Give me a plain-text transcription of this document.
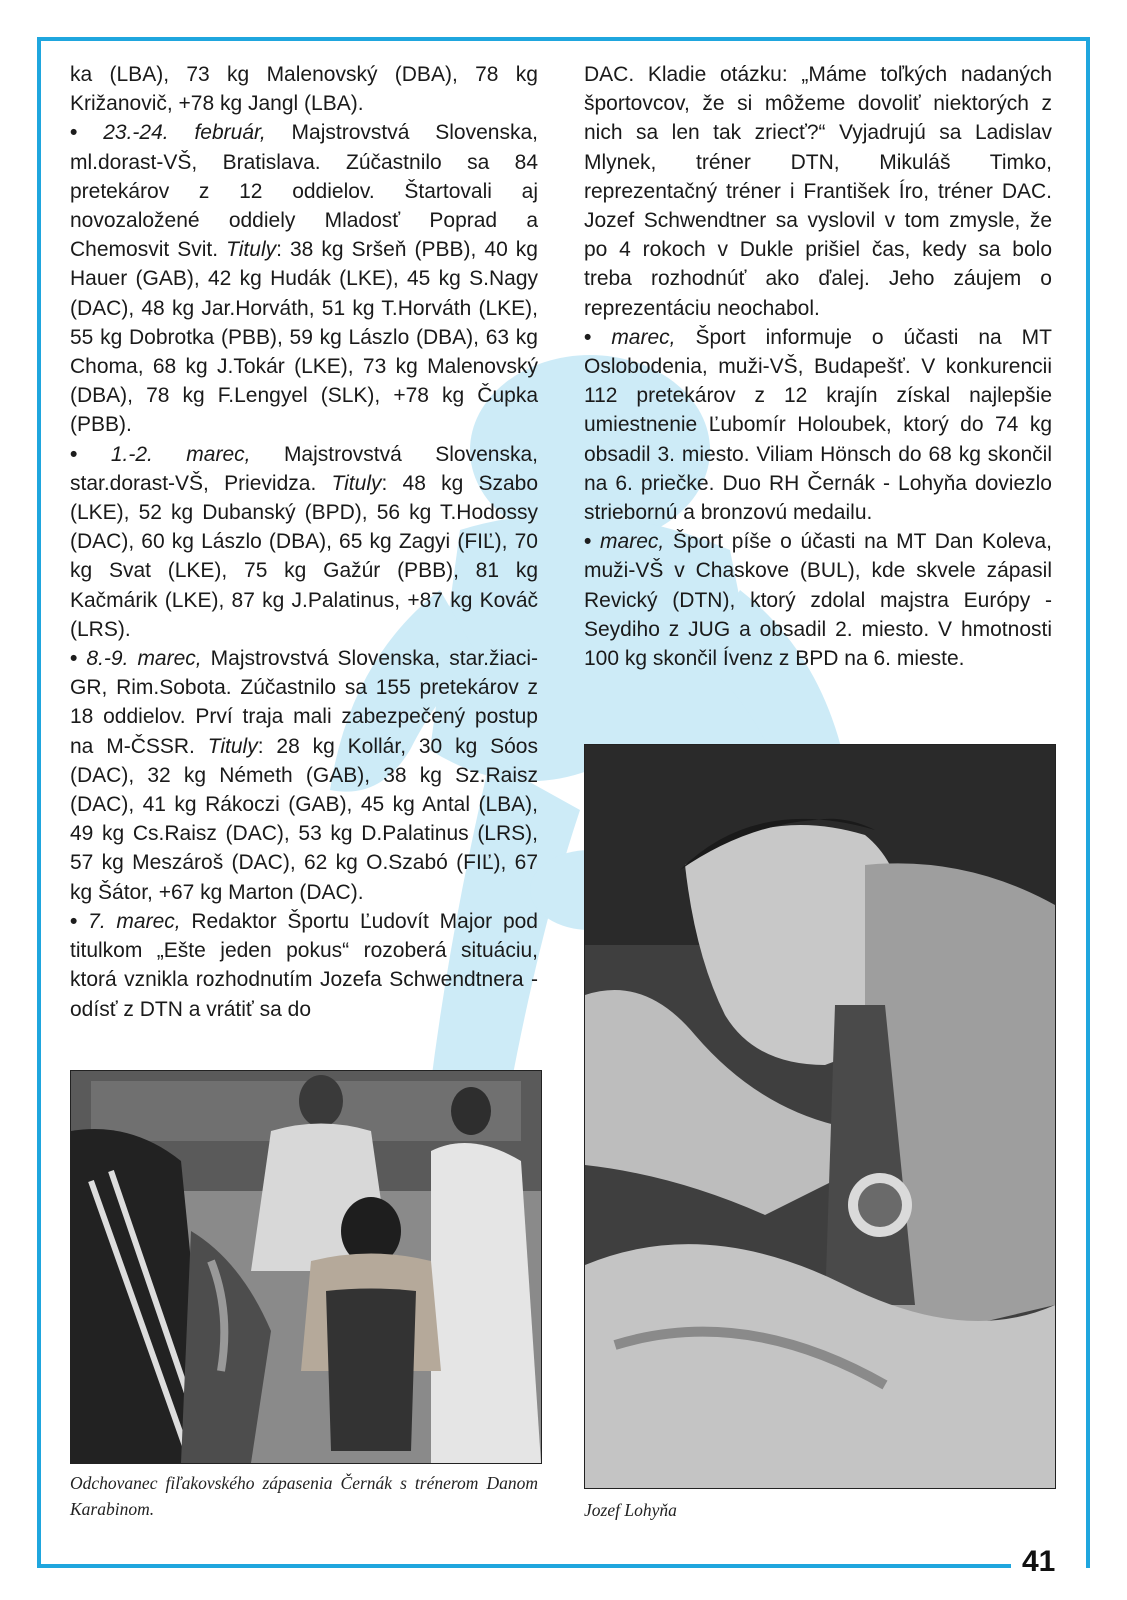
ka (LBA), 73 kg Malenovský (DBA), 78 kg Križanovič, +78 kg Jangl (LBA).

• 23.-24. február, Majstrovstvá Slovenska, ml.dorast-VŠ, Bratislava. Zúčastnilo sa 84 pretekárov z 12 oddielov. Štartovali aj novozaložené oddiely Mladosť Poprad a Chemosvit Svit. Tituly: 38 kg Sršeň (PBB), 40 kg Hauer (GAB), 42 kg Hudák (LKE), 45 kg S.Nagy (DAC), 48 kg Jar.Horváth, 51 kg T.Horváth (LKE), 55 kg Dobrotka (PBB), 59 kg Lászlo (DBA), 63 kg Choma, 68 kg J.Tokár (LKE), 73 kg Malenovský (DBA), 78 kg F.Lengyel (SLK), +78 kg Čupka (PBB).

• 1.-2. marec, Majstrovstvá Slovenska, star.dorast-VŠ, Prievidza. Tituly: 48 kg Szabo (LKE), 52 kg Dubanský (BPD), 56 kg T.Hodossy (DAC), 60 kg Lászlo (DBA), 65 kg Zagyi (FIĽ), 70 kg Svat (LKE), 75 kg Gažúr (PBB), 81 kg Kačmárik (LKE), 87 kg J.Palatinus, +87 kg Kováč (LRS).

• 8.-9. marec, Majstrovstvá Slovenska, star.žiaci-GR, Rim.Sobota. Zúčastnilo sa 155 pretekárov z 18 oddielov. Prví traja mali zabezpečený postup na M-ČSSR. Tituly: 28 kg Kollár, 30 kg Sóos (DAC), 32 kg Németh (GAB), 38 kg Sz.Raisz (DAC), 41 kg Rákoczi (GAB), 45 kg Antal (LBA), 49 kg Cs.Raisz (DAC), 53 kg D.Palatinus (LRS), 57 kg Meszároš (DAC), 62 kg O.Szabó (FIĽ), 67 kg Šátor, +67 kg Marton (DAC).

• 7. marec, Redaktor Športu Ľudovít Major pod titulkom „Ešte jeden pokus“ rozoberá situáciu, ktorá vznikla rozhodnutím Jozefa Schwendtnera - odísť z DTN a vrátiť sa do

DAC. Kladie otázku: „Máme toľkých nadaných športovcov, že si môžeme dovoliť niektorých z nich sa len tak zriecť?“ Vyjadrujú sa Ladislav Mlynek, tréner DTN, Mikuláš Timko, reprezentačný tréner i František Íro, tréner DAC. Jozef Schwendtner sa vyslovil v tom zmysle, že po 4 rokoch v Dukle prišiel čas, kedy sa bolo treba rozhodnúť ako ďalej. Jeho záujem o reprezentáciu neochabol.

• marec, Šport informuje o účasti na MT Oslobodenia, muži-VŠ, Budapešť. V konkurencii 112 pretekárov z 12 krajín získal najlepšie umiestnenie Ľubomír Holoubek, ktorý do 74 kg obsadil 3. miesto. Viliam Hönsch do 68 kg skončil na 6. priečke. Duo RH Černák - Lohyňa doviezlo striebornú a bronzovú medailu.

• marec, Šport píše o účasti na MT Dan Koleva, muži-VŠ v Chaskove (BUL), kde skvele zápasil Revický (DTN), ktorý zdolal majstra Európy - Seydiho z JUG a obsadil 2. miesto. V hmotnosti 100 kg skončil Ívenz z BPD na 6. mieste.

Odchovanec fiľakovského zápasenia Černák s trénerom Danom Karabinom.	Jozef Lohyňa
41
